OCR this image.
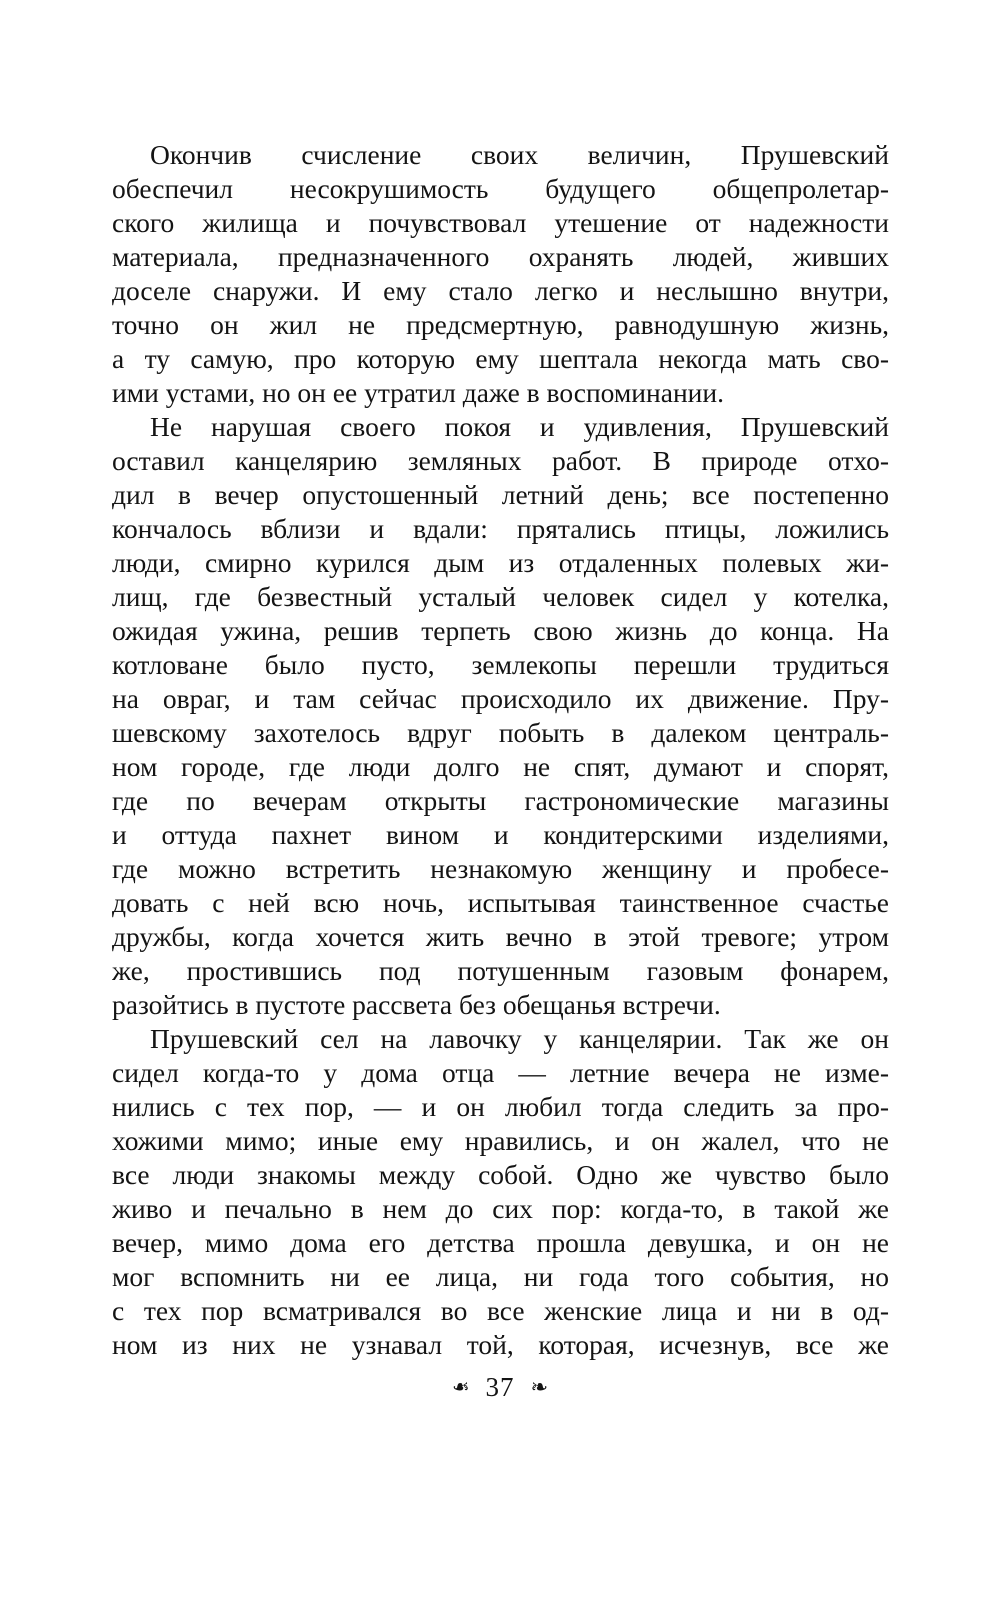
Окончив счисление своих величин, Прушевский
обеспечил несокрушимость будущего общепролетар-
ского жилища и почувствовал утешение от надежности
материала, предназначенного охранять людей, живших
доселе снаружи. И ему стало легко и неслышно внутри,
точно он жил не предсмертную, равнодушную жизнь,
а ту самую, про которую ему шептала некогда мать сво-
ими устами, но он ее утратил даже в воспоминании.
Не нарушая своего покоя и удивления, Прушевский
оставил канцелярию земляных работ. В природе отхо-
дил в вечер опустошенный летний день; все постепенно
кончалось вблизи и вдали: прятались птицы, ложились
люди, смирно курился дым из отдаленных полевых жи-
лищ, где безвестный усталый человек сидел у котелка,
ожидая ужина, решив терпеть свою жизнь до конца. На
котловане было пусто, землекопы перешли трудиться
на овраг, и там сейчас происходило их движение. Пру-
шевскому захотелось вдруг побыть в далеком централь-
ном городе, где люди долго не спят, думают и спорят,
где по вечерам открыты гастрономические магазины
и оттуда пахнет вином и кондитерскими изделиями,
где можно встретить незнакомую женщину и пробесе-
довать с ней всю ночь, испытывая таинственное счастье
дружбы, когда хочется жить вечно в этой тревоге; утром
же, простившись под потушенным газовым фонарем,
разойтись в пустоте рассвета без обещанья встречи.
Прушевский сел на лавочку у канцелярии. Так же он
сидел когда-то у дома отца — летние вечера не изме-
нились с тех пор, — и он любил тогда следить за про-
хожими мимо; иные ему нравились, и он жалел, что не
все люди знакомы между собой. Одно же чувство было
живо и печально в нем до сих пор: когда-то, в такой же
вечер, мимо дома его детства прошла девушка, и он не
мог вспомнить ни ее лица, ни года того события, но
с тех пор всматривался во все женские лица и ни в од-
ном из них не узнавал той, которая, исчезнув, все же
❧ 37 ❧
